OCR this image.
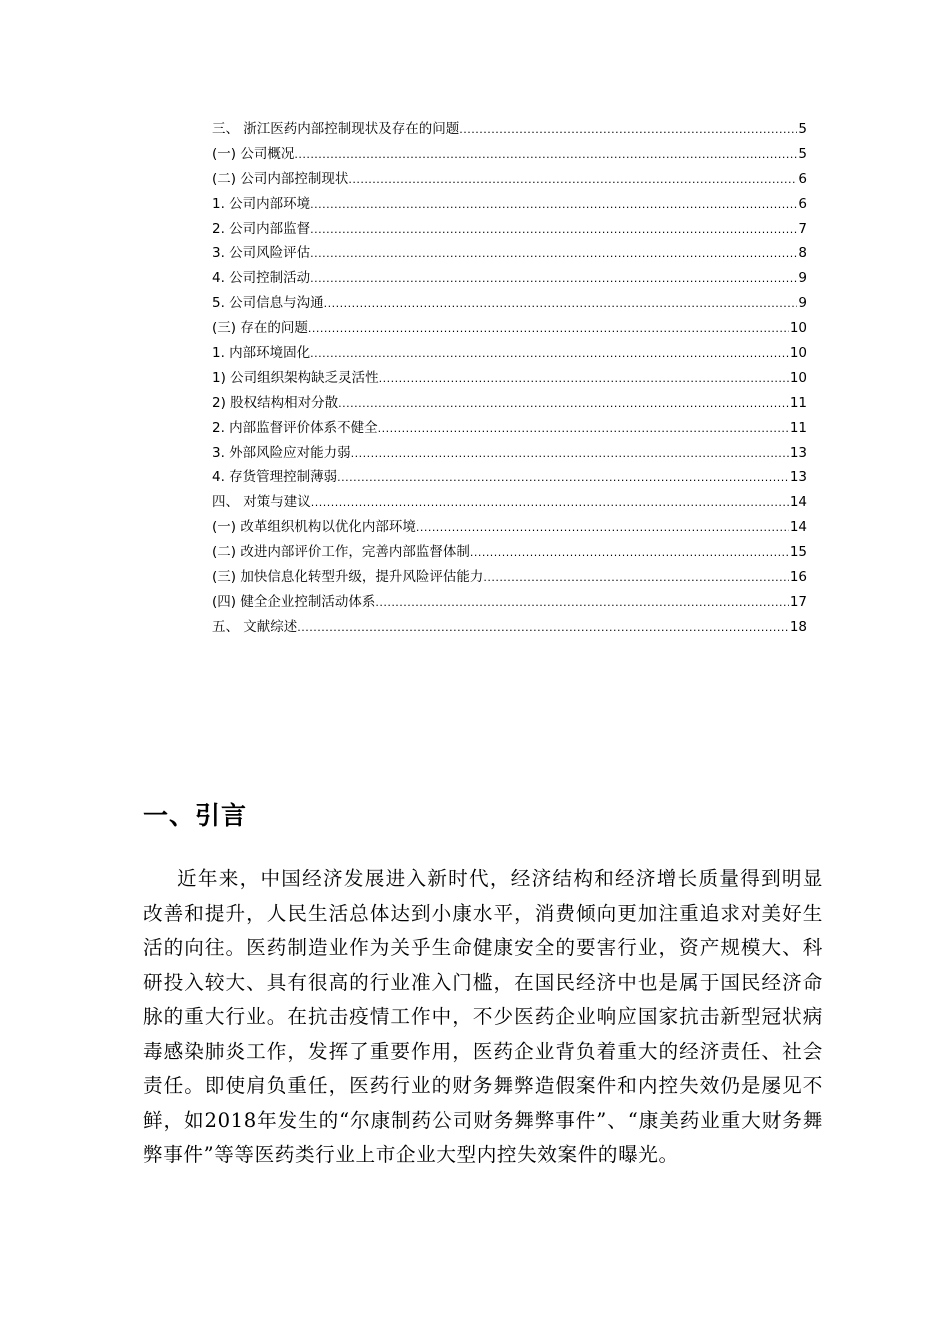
三、 浙江医药内部控制现状及存在的问题 .....	5
(一) 公司概况 .....	5
(二) 公司内部控制现状 .....	6
1. 公司内部环境 .....	6
2. 公司内部监督 .....	7
3. 公司风险评估 .....	8
4. 公司控制活动 .....	9
5. 公司信息与沟通 .....	9
(三) 存在的问题 .....	10
1. 内部环境固化 .....	10
1) 公司组织架构缺乏灵活性 .....	10
2) 股权结构相对分散 .....	11
2. 内部监督评价体系不健全 .....	11
3. 外部风险应对能力弱 .....	13
4. 存货管理控制薄弱 .....	13
四、 对策与建议 .....	14
(一) 改革组织机构以优化内部环境 .....	14
(二) 改进内部评价工作，完善内部监督体制 .....	15
(三) 加快信息化转型升级，提升风险评估能力 .....	16
(四) 健全企业控制活动体系 .....	17
五、 文献综述 .....	18
一、引言

近年来，中国经济发展进入新时代，经济结构和经济增长质量得到明显改善和提升，人民生活总体达到小康水平，消费倾向更加注重追求对美好生活的向往。医药制造业作为关乎生命健康安全的要害行业，资产规模大、科研投入较大、具有很高的行业准入门槛，在国民经济中也是属于国民经济命脉的重大行业。在抗击疫情工作中，不少医药企业响应国家抗击新型冠状病毒感染肺炎工作，发挥了重要作用，医药企业背负着重大的经济责任、社会责任。即使肩负重任，医药行业的财务舞弊造假案件和内控失效仍是屡见不鲜，如2018年发生的“尔康制药公司财务舞弊事件”、“康美药业重大财务舞弊事件”等等医药类行业上市企业大型内控失效案件的曝光。
